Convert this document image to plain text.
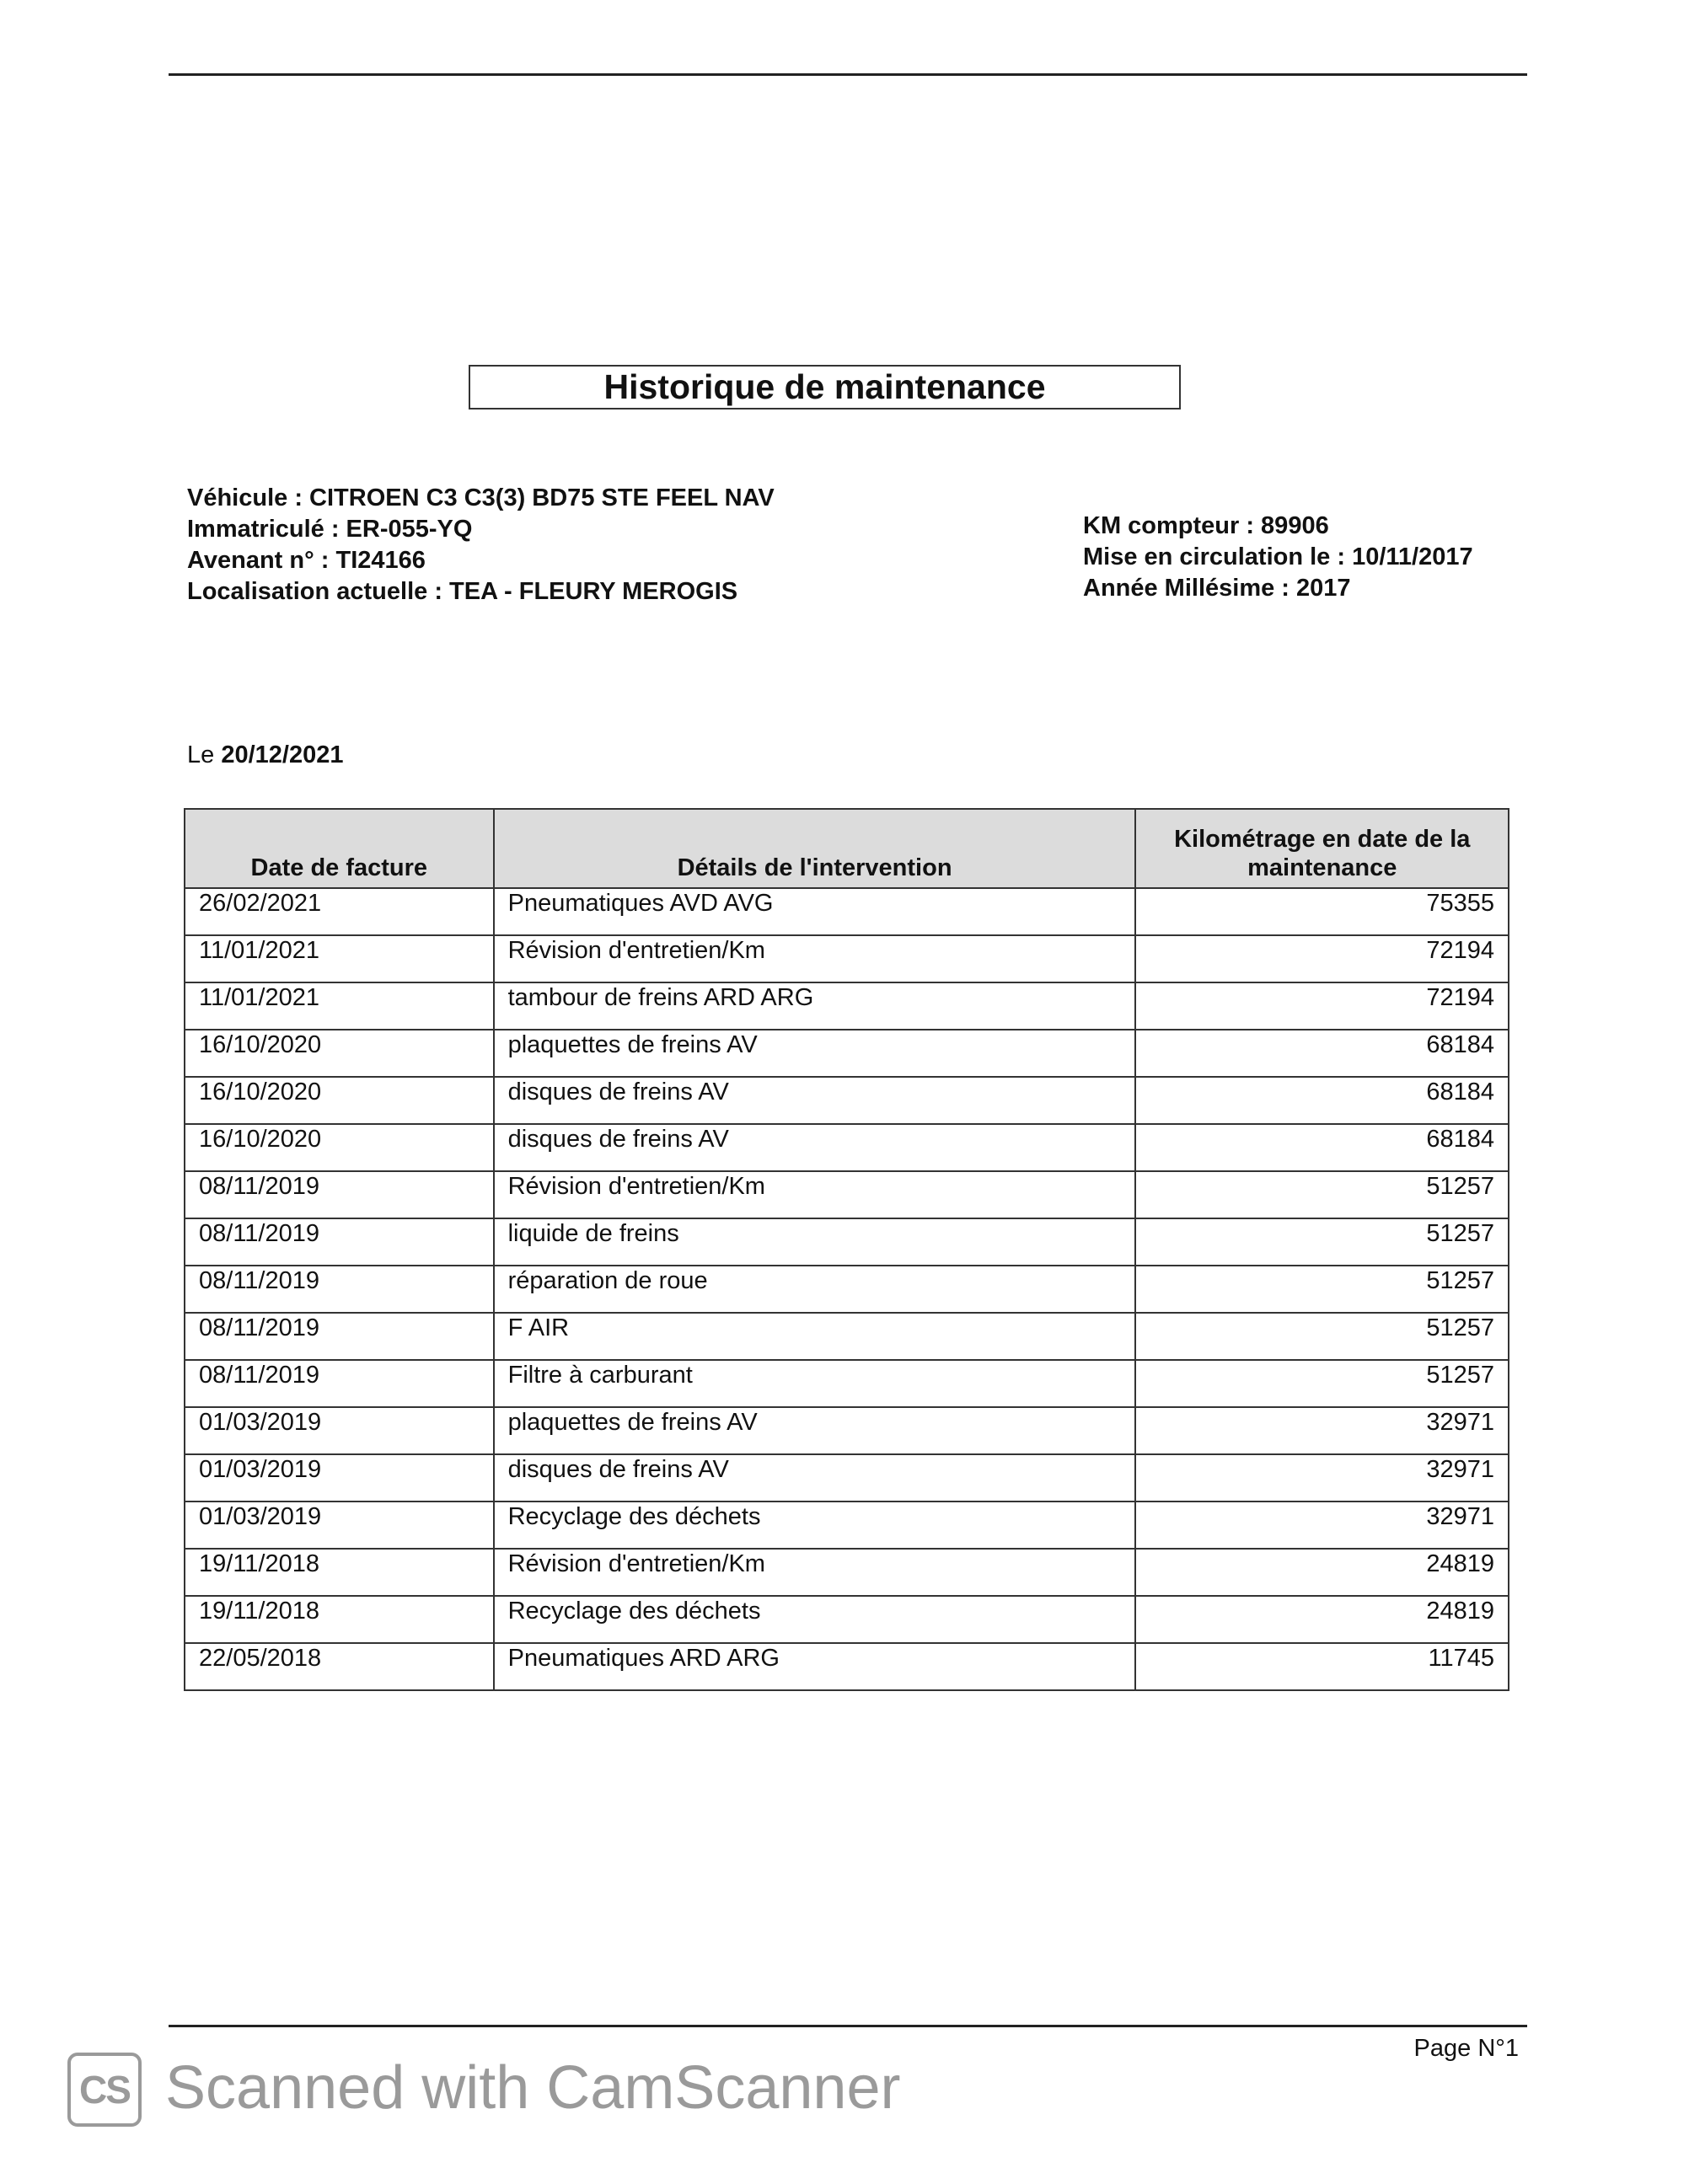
Historique de maintenance
Véhicule : CITROEN C3 C3(3) BD75 STE FEEL NAV
Immatriculé : ER-055-YQ
Avenant n° : TI24166
Localisation actuelle : TEA - FLEURY MEROGIS
KM compteur : 89906
Mise en circulation le : 10/11/2017
Année Millésime : 2017
Le 20/12/2021
Date de facture	Détails de l'intervention	Kilométrage en date de la maintenance
26/02/2021	Pneumatiques AVD AVG	75355
11/01/2021	Révision d'entretien/Km	72194
11/01/2021	tambour de freins ARD ARG	72194
16/10/2020	plaquettes de freins AV	68184
16/10/2020	disques de freins AV	68184
16/10/2020	disques de freins AV	68184
08/11/2019	Révision d'entretien/Km	51257
08/11/2019	liquide de freins	51257
08/11/2019	réparation de roue	51257
08/11/2019	F AIR	51257
08/11/2019	Filtre à carburant	51257
01/03/2019	plaquettes de freins AV	32971
01/03/2019	disques de freins AV	32971
01/03/2019	Recyclage des déchets	32971
19/11/2018	Révision d'entretien/Km	24819
19/11/2018	Recyclage des déchets	24819
22/05/2018	Pneumatiques ARD ARG	11745
Page N°1
CS Scanned with CamScanner
